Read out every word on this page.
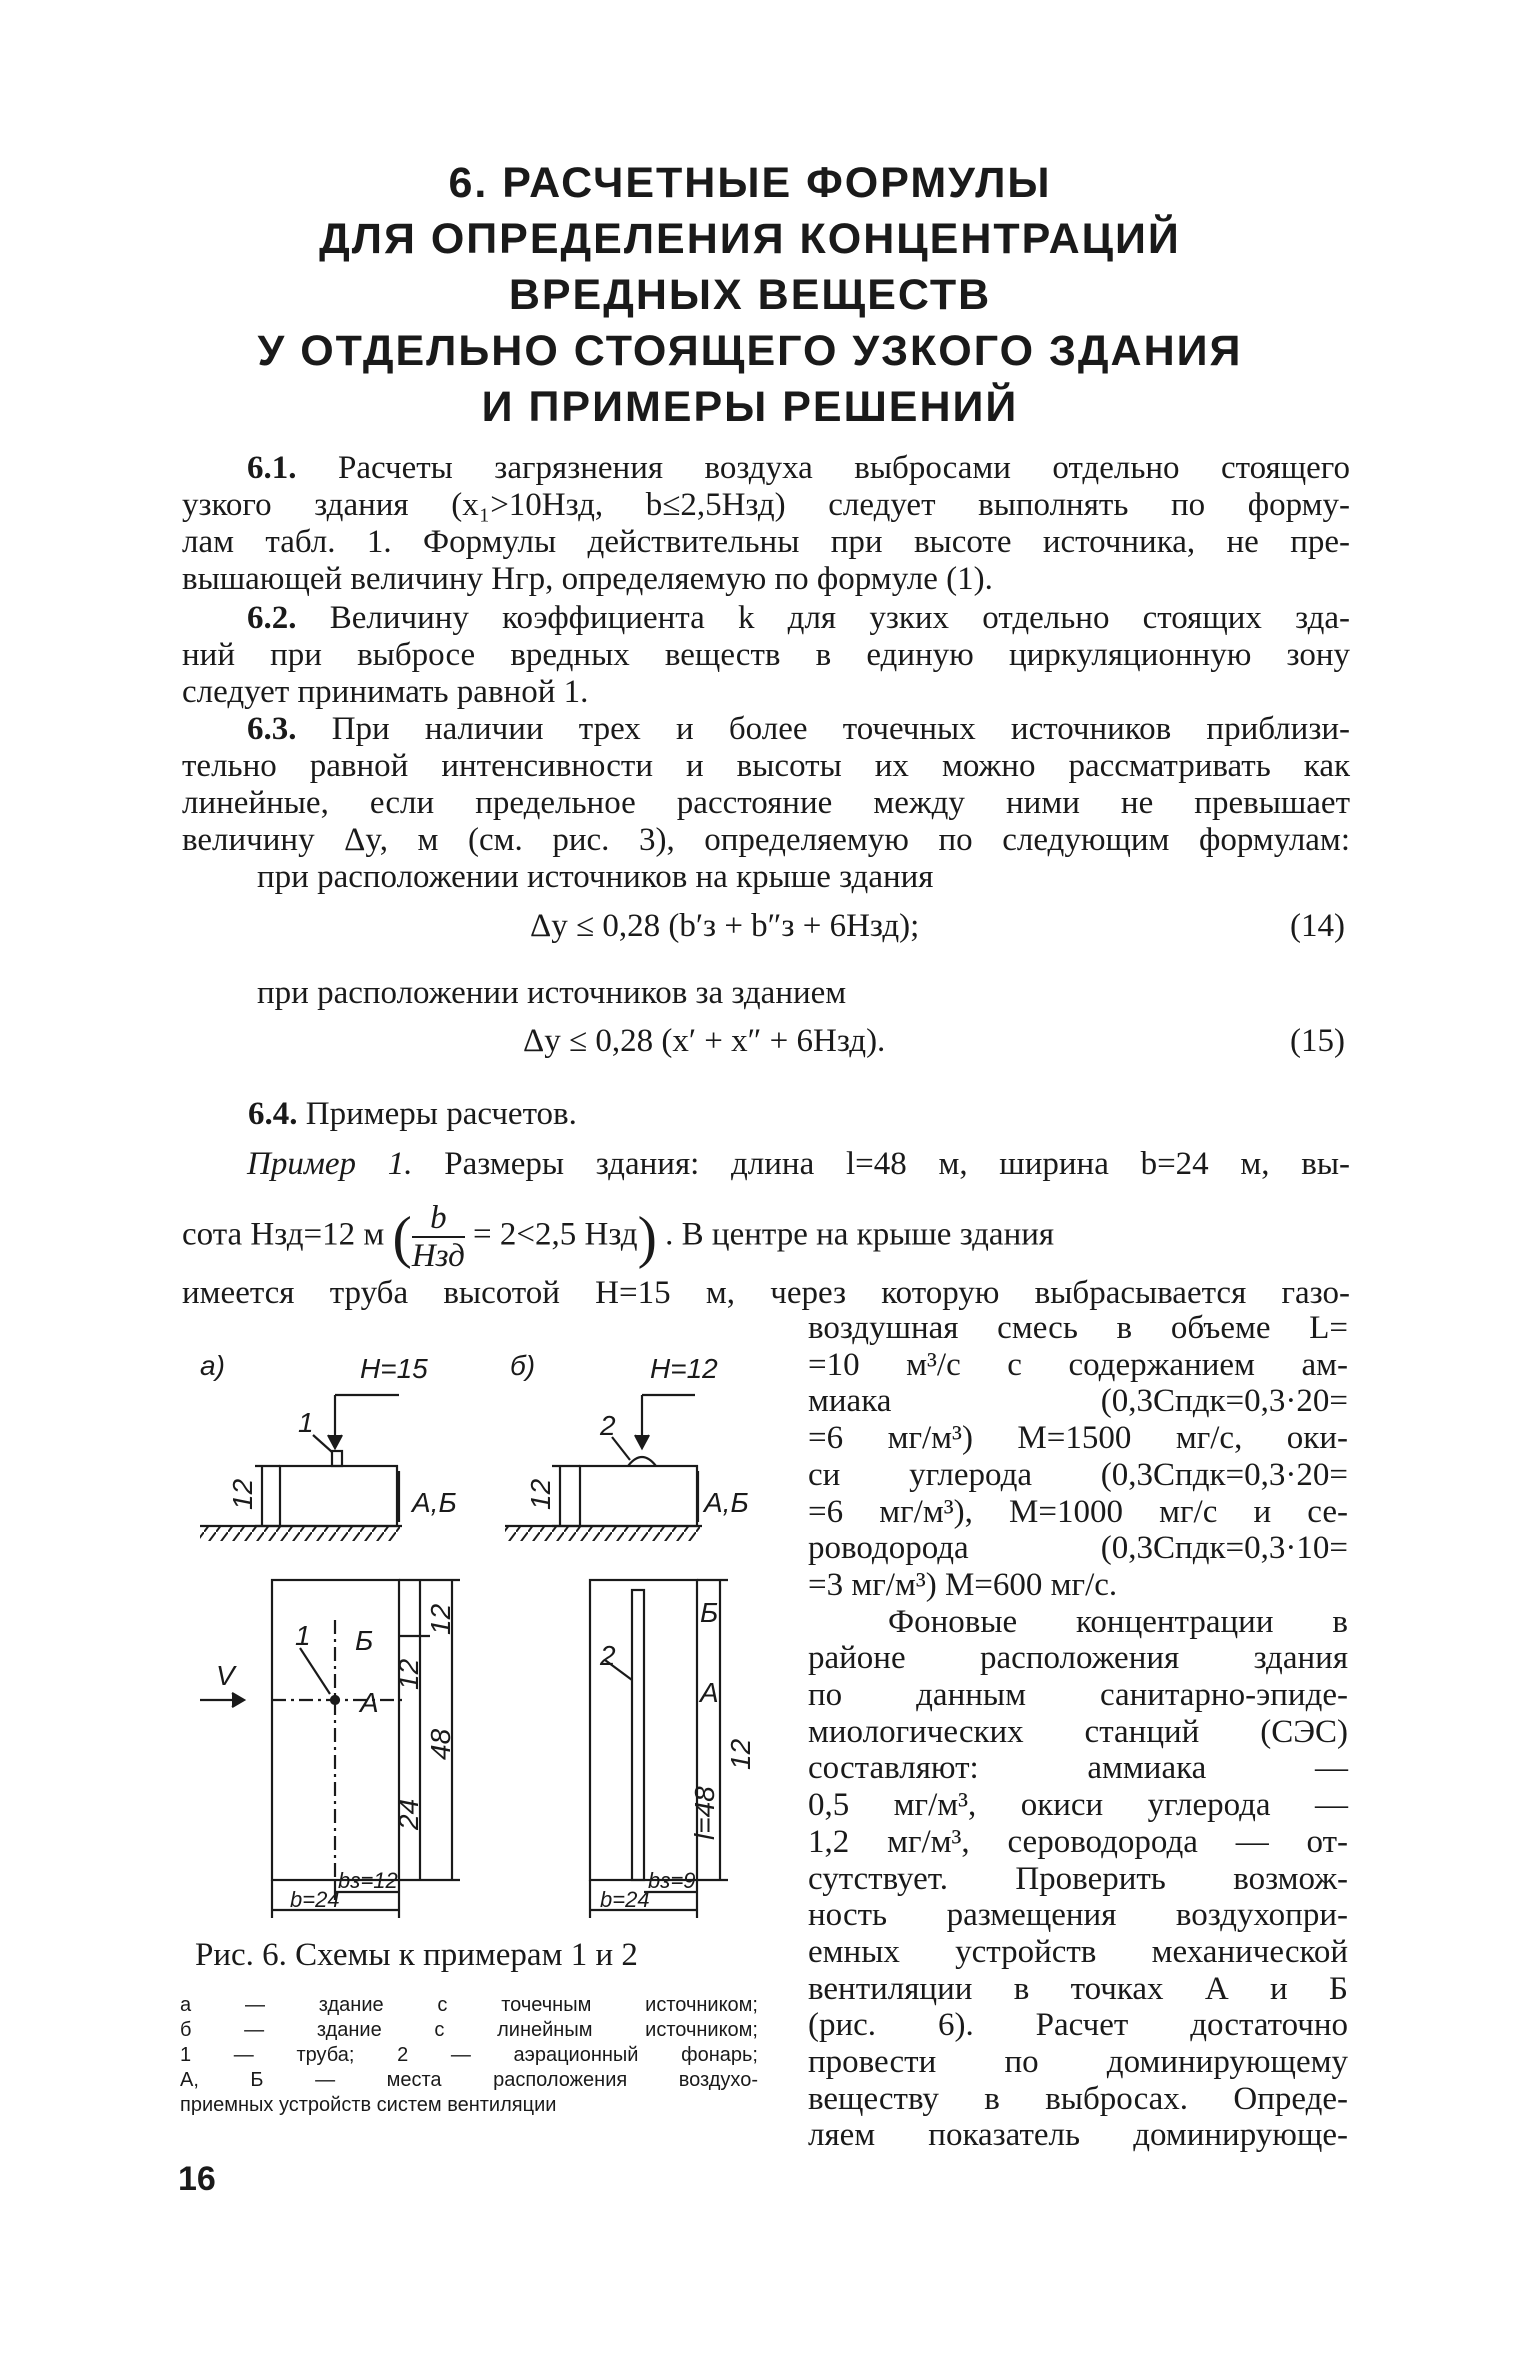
6. РАСЧЕТНЫЕ ФОРМУЛЫ
ДЛЯ ОПРЕДЕЛЕНИЯ КОНЦЕНТРАЦИЙ
ВРЕДНЫХ ВЕЩЕСТВ
У ОТДЕЛЬНО СТОЯЩЕГО УЗКОГО ЗДАНИЯ
И ПРИМЕРЫ РЕШЕНИЙ
6.1. Расчеты загрязнения воздуха выбросами отдельно стоящего
узкого здания (x₁>10Hзд, b≤2,5Hзд) следует выполнять по форму-
лам табл. 1. Формулы действительны при высоте источника, не пре-
вышающей величину Hгр, определяемую по формуле (1).
6.2. Величину коэффициента k для узких отдельно стоящих зда-
ний при выбросе вредных веществ в единую циркуляционную зону
следует принимать равной 1.
6.3. При наличии трех и более точечных источников приблизи-
тельно равной интенсивности и высоты их можно рассматривать как
линейные, если предельное расстояние между ними не превышает
величину Δy, м (см. рис. 3), определяемую по следующим формулам:
при расположении источников на крыше здания
Δy ≤ 0,28 (b′з + b″з + 6Hзд);	(14)
при расположении источников за зданием
Δy ≤ 0,28 (x′ + x″ + 6Hзд).	(15)
6.4. Примеры расчетов.
Пример 1. Размеры здания: длина l=48 м, ширина b=24 м, вы-
сота Hзд=12 м ( b
Hзд
= 2<2,5 Hзд) . В центре на крыше здания
имеется труба высотой H=15 м, через которую выбрасывается газо-
воздушная смесь в объеме L=
=10 м³/с с содержанием ам-
миака (0,3Cпдк=0,3·20=
=6 мг/м³) M=1500 мг/с, оки-
си углерода (0,3Cпдк=0,3·20=
=6 мг/м³), M=1000 мг/с и се-
роводорода (0,3Cпдк=0,3·10=
=3 мг/м³) M=600 мг/с.
Фоновые концентрации в
районе расположения здания
по данным санитарно-эпиде-
миологических станций (СЭС)
составляют: аммиака —
0,5 мг/м³, окиси углерода —
1,2 мг/м³, сероводорода — от-
сутствует. Проверить возмож-
ность размещения воздухопри-
емных устройств механической
вентиляции в точках А и Б
(рис. 6). Расчет достаточно
провести по доминирующему
веществу в выбросах. Опреде-
ляем показатель доминирующе-
а)	б)
H=15	H=12
1	2
А,Б	А,Б
12	12
V
1 Б
А
12
12
48
24
bз=12
b=24
2
Б
А
12
l=48
bз=9
b=24
Рис. 6. Схемы к примерам 1 и 2
а — здание с точечным источником;
б — здание с линейным источником;
1 — труба; 2 — аэрационный фонарь;
А, Б — места расположения воздухо-
приемных устройств систем вентиляции
16
